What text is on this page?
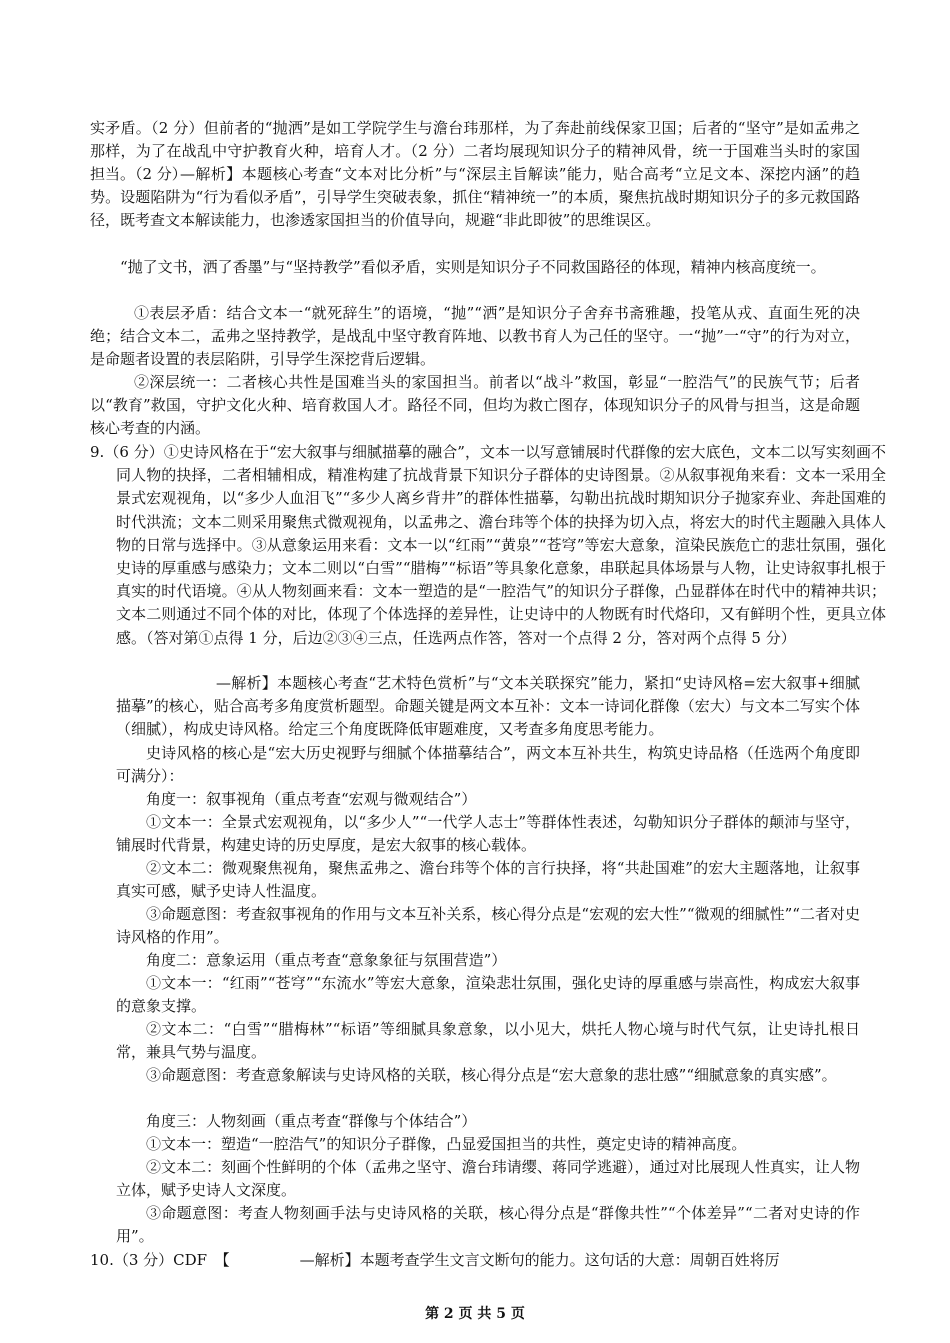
实矛盾。（2 分）但前者的“抛洒”是如工学院学生与澹台玮那样，为了奔赴前线保家卫国；后者的“坚守”是如孟弗之那样，为了在战乱中守护教育火种，培育人才。（2 分）二者均展现知识分子的精神风骨，统一于国难当头时的家国担当。（2 分）

—解析】本题核心考查“文本对比分析”与“深层主旨解读”能力，贴合高考“立足文本、深挖内涵”的趋势。设题陷阱为“行为看似矛盾”，引导学生突破表象，抓住“精神统一”的本质，聚焦抗战时期知识分子的多元救国路径，既考查文本解读能力，也渗透家国担当的价值导向，规避“非此即彼”的思维误区。

“抛了文书，洒了香墨”与“坚持教学”看似矛盾，实则是知识分子不同救国路径的体现，精神内核高度统一。

①表层矛盾：结合文本一“就死辞生”的语境，“抛”“洒”是知识分子舍弃书斋雅趣，投笔从戎、直面生死的决绝；结合文本二，孟弗之坚持教学，是战乱中坚守教育阵地、以教书育人为己任的坚守。一“抛”一“守”的行为对立，是命题者设置的表层陷阱，引导学生深挖背后逻辑。

②深层统一：二者核心共性是国难当头的家国担当。前者以“战斗”救国，彰显“一腔浩气”的民族气节；后者以“教育”救国，守护文化火种、培育救国人才。路径不同，但均为救亡图存，体现知识分子的风骨与担当，这是命题核心考查的内涵。

9.（6 分）①史诗风格在于“宏大叙事与细腻描摹的融合”，文本一以写意铺展时代群像的宏大底色，文本二以写实刻画不同人物的抉择，二者相辅相成，精准构建了抗战背景下知识分子群体的史诗图景。②从叙事视角来看：文本一采用全景式宏观视角，以“多少人血泪飞”“多少人离乡背井”的群体性描摹，勾勒出抗战时期知识分子抛家弃业、奔赴国难的时代洪流；文本二则采用聚焦式微观视角，以孟弗之、澹台玮等个体的抉择为切入点，将宏大的时代主题融入具体人物的日常与选择中。③从意象运用来看：文本一以“红雨”“黄泉”“苍穹”等宏大意象，渲染民族危亡的悲壮氛围，强化史诗的厚重感与感染力；文本二则以“白雪”“腊梅”“标语”等具象化意象，串联起具体场景与人物，让史诗叙事扎根于真实的时代语境。④从人物刻画来看：文本一塑造的是“一腔浩气”的知识分子群像，凸显群体在时代中的精神共识；文本二则通过不同个体的对比，体现了个体选择的差异性，让史诗中的人物既有时代烙印，又有鲜明个性，更具立体感。（答对第①点得 1 分，后边②③④三点，任选两点作答，答对一个点得 2 分，答对两个点得 5 分）

—解析】本题核心考查“艺术特色赏析”与“文本关联探究”能力，紧扣“史诗风格=宏大叙事+细腻描摹”的核心，贴合高考多角度赏析题型。命题关键是两文本互补：文本一诗词化群像（宏大）与文本二写实个体（细腻），构成史诗风格。给定三个角度既降低审题难度，又考查多角度思考能力。

史诗风格的核心是“宏大历史视野与细腻个体描摹结合”，两文本互补共生，构筑史诗品格（任选两个角度即可满分）：

角度一：叙事视角（重点考查“宏观与微观结合”）

①文本一：全景式宏观视角，以“多少人”“一代学人志士”等群体性表述，勾勒知识分子群体的颠沛与坚守，铺展时代背景，构建史诗的历史厚度，是宏大叙事的核心载体。

②文本二：微观聚焦视角，聚焦孟弗之、澹台玮等个体的言行抉择，将“共赴国难”的宏大主题落地，让叙事真实可感，赋予史诗人性温度。

③命题意图：考查叙事视角的作用与文本互补关系，核心得分点是“宏观的宏大性”“微观的细腻性”“二者对史诗风格的作用”。

角度二：意象运用（重点考查“意象象征与氛围营造”）

①文本一：“红雨”“苍穹”“东流水”等宏大意象，渲染悲壮氛围，强化史诗的厚重感与崇高性，构成宏大叙事的意象支撑。

②文本二：“白雪”“腊梅林”“标语”等细腻具象意象，以小见大，烘托人物心境与时代气氛，让史诗扎根日常，兼具气势与温度。

③命题意图：考查意象解读与史诗风格的关联，核心得分点是“宏大意象的悲壮感”“细腻意象的真实感”。

角度三：人物刻画（重点考查“群像与个体结合”）

①文本一：塑造“一腔浩气”的知识分子群像，凸显爱国担当的共性，奠定史诗的精神高度。

②文本二：刻画个性鲜明的个体（孟弗之坚守、澹台玮请缨、蒋同学逃避），通过对比展现人性真实，让人物立体，赋予史诗人文深度。

③命题意图：考查人物刻画手法与史诗风格的关联，核心得分点是“群像共性”“个体差异”“二者对史诗的作用”。

10.（3 分）CDF　【	—解析】本题考查学生文言文断句的能力。这句话的大意：周朝百姓将厉

第 2 页 共 5 页
